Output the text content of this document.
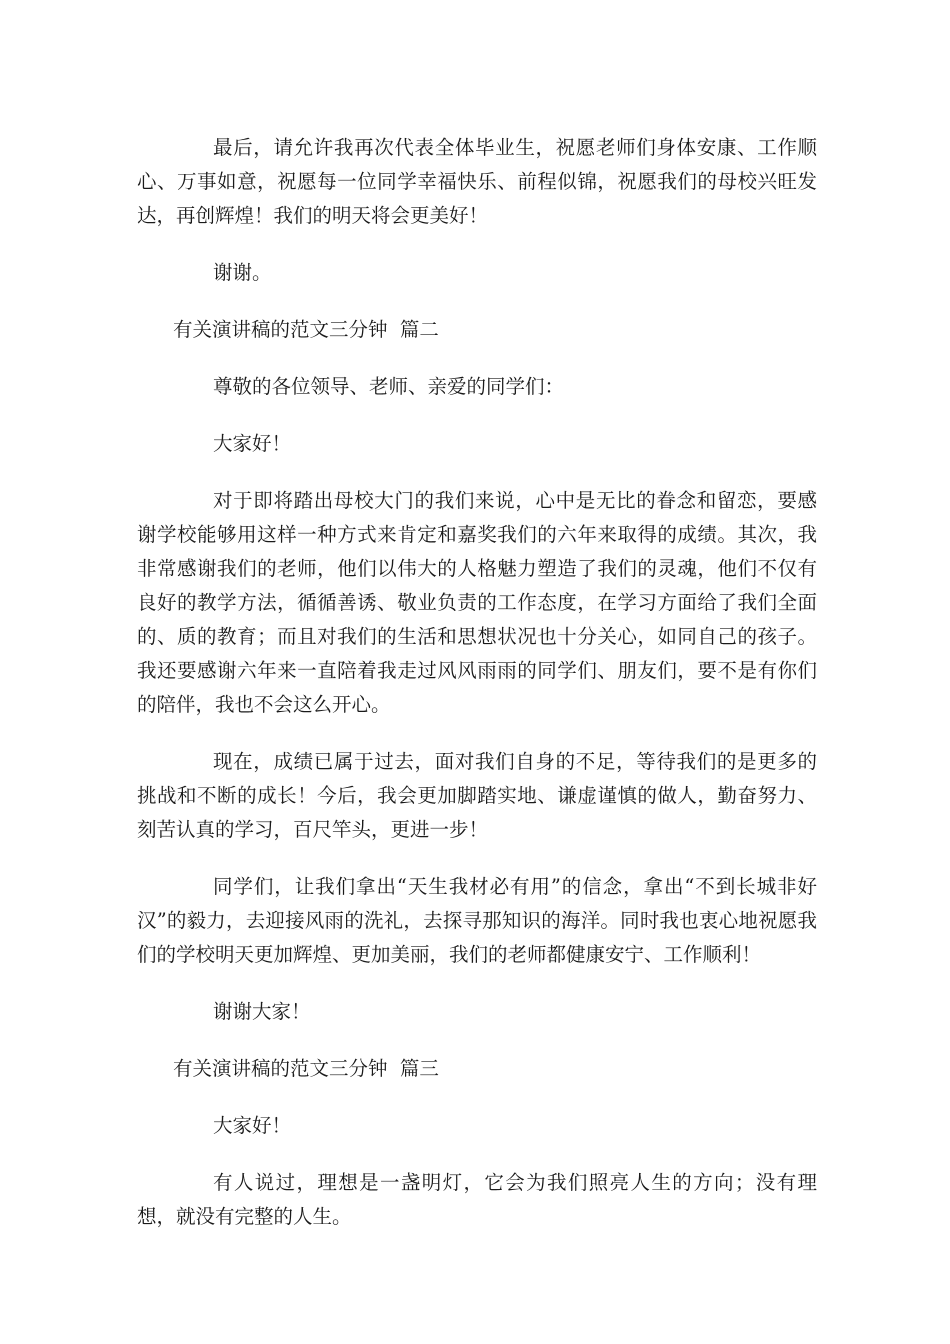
最后，请允许我再次代表全体毕业生，祝愿老师们身体安康、工作顺心、万事如意，祝愿每一位同学幸福快乐、前程似锦，祝愿我们的母校兴旺发达，再创辉煌！我们的明天将会更美好！

谢谢。

有关演讲稿的范文三分钟  篇二

尊敬的各位领导、老师、亲爱的同学们：

大家好！

对于即将踏出母校大门的我们来说，心中是无比的眷念和留恋，要感谢学校能够用这样一种方式来肯定和嘉奖我们的六年来取得的成绩。其次，我非常感谢我们的老师，他们以伟大的人格魅力塑造了我们的灵魂，他们不仅有良好的教学方法，循循善诱、敬业负责的工作态度，在学习方面给了我们全面的、质的教育；而且对我们的生活和思想状况也十分关心，如同自己的孩子。我还要感谢六年来一直陪着我走过风风雨雨的同学们、朋友们，要不是有你们的陪伴，我也不会这么开心。

现在，成绩已属于过去，面对我们自身的不足，等待我们的是更多的挑战和不断的成长！今后，我会更加脚踏实地、谦虚谨慎的做人，勤奋努力、刻苦认真的学习，百尺竿头，更进一步！

同学们，让我们拿出“天生我材必有用”的信念，拿出“不到长城非好汉”的毅力，去迎接风雨的洗礼，去探寻那知识的海洋。同时我也衷心地祝愿我们的学校明天更加辉煌、更加美丽，我们的老师都健康安宁、工作顺利！

谢谢大家！

有关演讲稿的范文三分钟  篇三

大家好！

有人说过，理想是一盏明灯，它会为我们照亮人生的方向；没有理想，就没有完整的人生。
